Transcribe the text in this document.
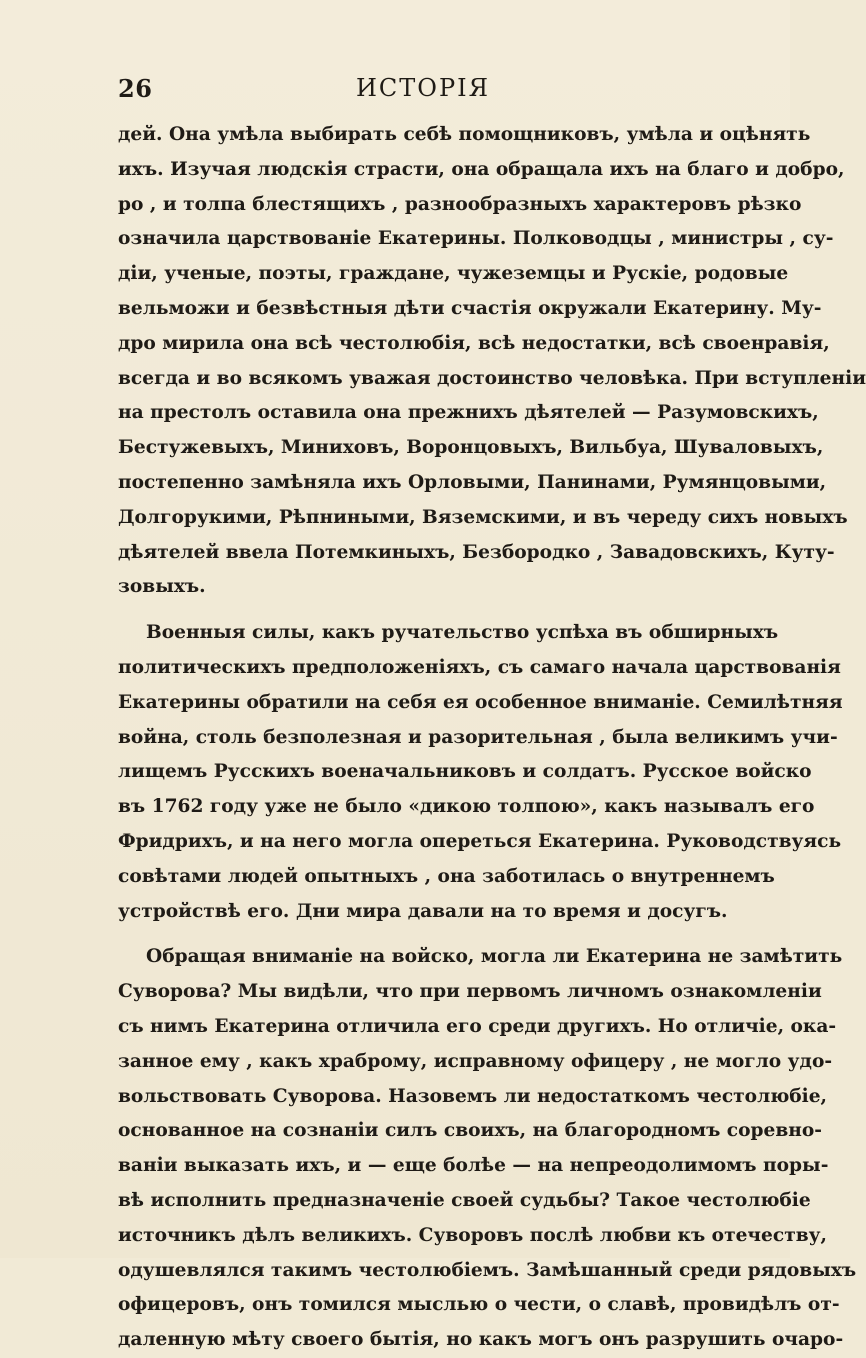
26	ИСТОРІЯ
дей. Она умѣла выбирать себѣ помощниковъ, умѣла и оцѣнять
ихъ. Изучая людскія страсти, она обращала ихъ на благо и добро,
ро , и толпа блестящихъ , разнообразныхъ характеровъ рѣзко
означила царствованіе Екатерины. Полководцы , министры , су-
діи, ученые, поэты, граждане, чужеземцы и Рускіе, родовые
вельможи и безвѣстныя дѣти счастія окружали Екатерину. Му-
дро мирила она всѣ честолюбія, всѣ недостатки, всѣ своенравія,
всегда и во всякомъ уважая достоинство человѣка. При вступленіи
на престолъ оставила она прежнихъ дѣятелей — Разумовскихъ,
Бестужевыхъ, Миниховъ, Воронцовыхъ, Вильбуа, Шуваловыхъ,
постепенно замѣняла ихъ Орловыми, Панинами, Румянцовыми,
Долгорукими, Рѣпниными, Вяземскими, и въ череду сихъ новыхъ
дѣятелей ввела Потемкиныхъ, Безбородко , Завадовскихъ, Куту-
зовыхъ.
Военныя силы, какъ ручательство успѣха въ обширныхъ
политическихъ предположеніяхъ, съ самаго начала царствованія
Екатерины обратили на себя ея особенное вниманіе. Семилѣтняя
война, столь безполезная и разорительная , была великимъ учи-
лищемъ Русскихъ военачальниковъ и солдатъ. Русское войско
въ 1762 году уже не было «дикою толпою», какъ называлъ его
Фридрихъ, и на него могла опереться Екатерина. Руководствуясь
совѣтами людей опытныхъ , она заботилась о внутреннемъ
устройствѣ его. Дни мира давали на то время и досугъ.
Обращая вниманіе на войско, могла ли Екатерина не замѣтить
Суворова? Мы видѣли, что при первомъ личномъ ознакомленіи
съ нимъ Екатерина отличила его среди другихъ. Но отличіе, ока-
занное ему , какъ храброму, исправному офицеру , не могло удо-
вольствовать Суворова. Назовемъ ли недостаткомъ честолюбіе,
основанное на сознаніи силъ своихъ, на благородномъ соревно-
ваніи выказать ихъ, и — еще болѣе — на непреодолимомъ поры-
вѣ исполнить предназначеніе своей судьбы? Такое честолюбіе
источникъ дѣлъ великихъ. Суворовъ послѣ любви къ отечеству,
одушевлялся такимъ честолюбіемъ. Замѣшанный среди рядовыхъ
офицеровъ, онъ томился мыслью о чести, о славѣ, провидѣлъ от-
даленную мѣту своего бытія, но какъ могъ онъ разрушить очаро-
